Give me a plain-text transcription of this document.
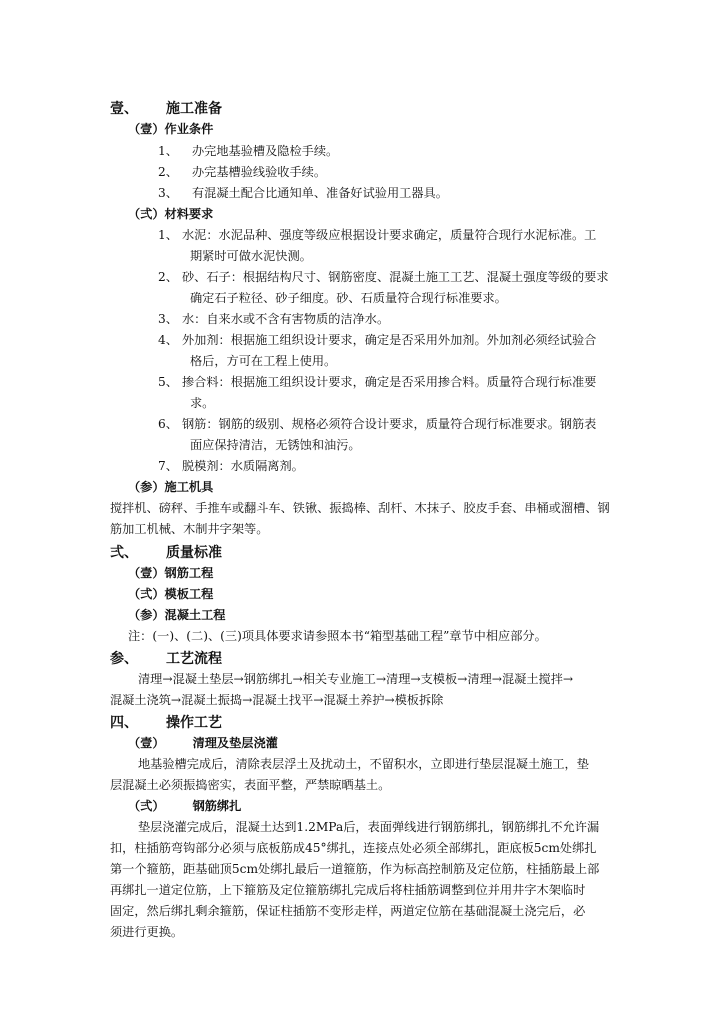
壹、 施工准备
（壹）作业条件
1、 办完地基验槽及隐检手续。
2、 办完基槽验线验收手续。
3、 有混凝土配合比通知单、准备好试验用工器具。
（弍）材料要求
1、 水泥：水泥品种、强度等级应根据设计要求确定，质量符合现行水泥标准。工
期紧时可做水泥快测。
2、 砂、石子：根据结构尺寸、钢筋密度、混凝土施工工艺、混凝土强度等级的要求
确定石子粒径、砂子细度。砂、石质量符合现行标准要求。
3、 水：自来水或不含有害物质的洁净水。
4、 外加剂：根据施工组织设计要求，确定是否采用外加剂。外加剂必须经试验合
格后，方可在工程上使用。
5、 掺合料：根据施工组织设计要求，确定是否采用掺合料。质量符合现行标准要
求。
6、 钢筋：钢筋的级别、规格必须符合设计要求，质量符合现行标准要求。钢筋表
面应保持清洁，无锈蚀和油污。
7、 脱模剂：水质隔离剂。
（参）施工机具
搅拌机、磅秤、手推车或翻斗车、铁锹、振捣棒、刮杆、木抹子、胶皮手套、串桶或溜槽、钢
筋加工机械、木制井字架等。
弍、 质量标准
（壹）钢筋工程
（弍）模板工程
（参）混凝土工程
注：(一)、(二)、(三)项具体要求请参照本书“箱型基础工程”章节中相应部分。
参、 工艺流程
清理→混凝土垫层→钢筋绑扎→相关专业施工→清理→支模板→清理→混凝土搅拌→
混凝土浇筑→混凝土振捣→混凝土找平→混凝土养护→模板拆除
四、 操作工艺
（壹） 清理及垫层浇灌
地基验槽完成后，清除表层浮土及扰动土，不留积水，立即进行垫层混凝土施工，垫
层混凝土必须振捣密实，表面平整，严禁晾晒基土。
（弍） 钢筋绑扎
垫层浇灌完成后，混凝土达到1.2MPa后，表面弹线进行钢筋绑扎，钢筋绑扎不允许漏
扣，柱插筋弯钩部分必须与底板筋成45°绑扎，连接点处必须全部绑扎，距底板5cm处绑扎
第一个箍筋，距基础顶5cm处绑扎最后一道箍筋，作为标高控制筋及定位筋，柱插筋最上部
再绑扎一道定位筋，上下箍筋及定位箍筋绑扎完成后将柱插筋调整到位并用井字木架临时
固定，然后绑扎剩余箍筋，保证柱插筋不变形走样，两道定位筋在基础混凝土浇完后，必
须进行更换。
